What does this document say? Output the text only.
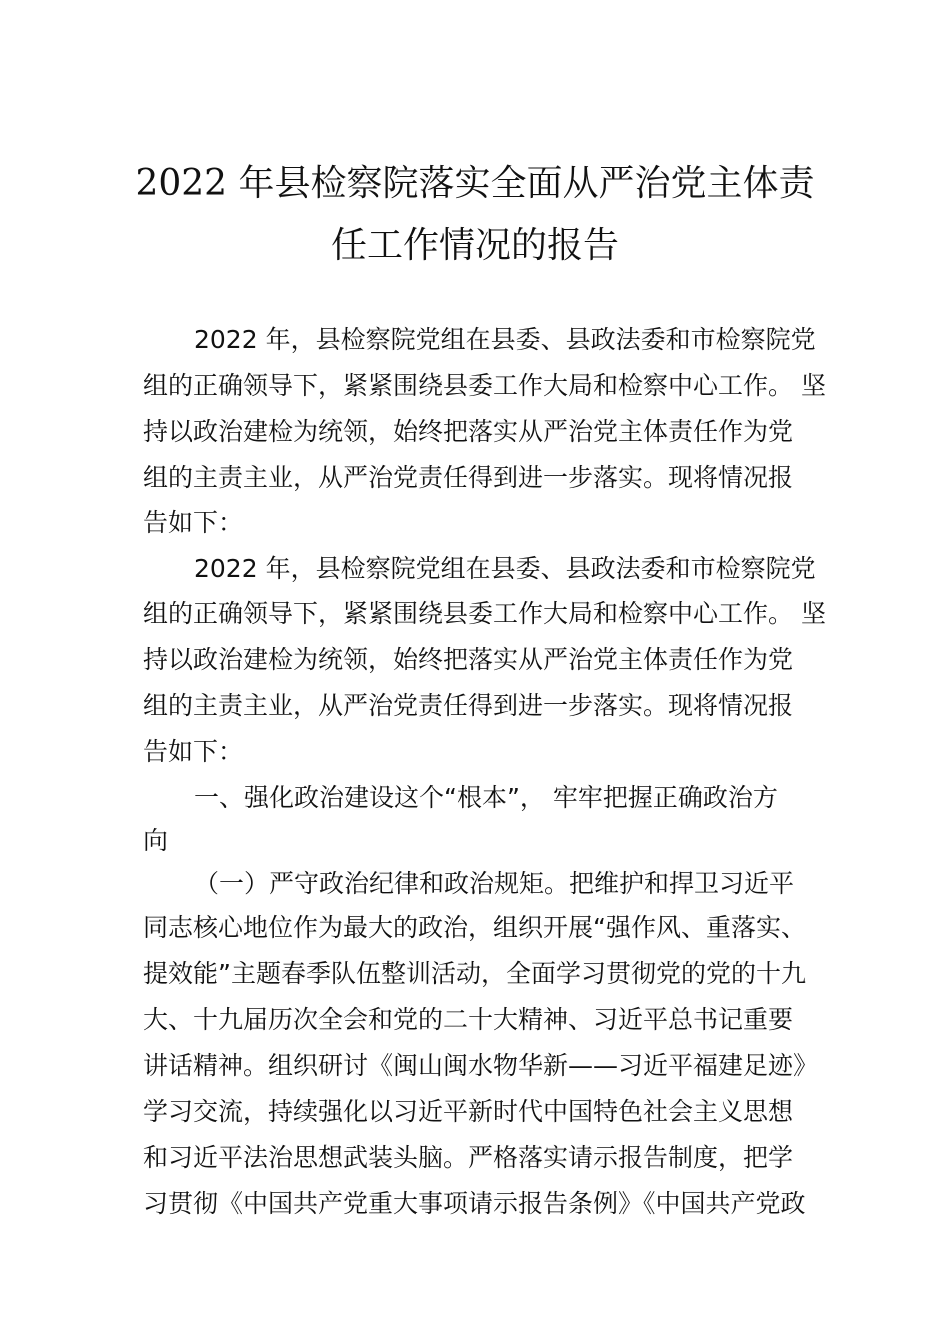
2022 年县检察院落实全面从严治党主体责
任工作情况的报告
2022 年，县检察院党组在县委、县政法委和市检察院党
组的正确领导下，紧紧围绕县委工作大局和检察中心工作。 坚
持以政治建检为统领，始终把落实从严治党主体责任作为党
组的主责主业，从严治党责任得到进一步落实。现将情况报
告如下：
2022 年，县检察院党组在县委、县政法委和市检察院党
组的正确领导下，紧紧围绕县委工作大局和检察中心工作。 坚
持以政治建检为统领，始终把落实从严治党主体责任作为党
组的主责主业，从严治党责任得到进一步落实。现将情况报
告如下：
一、强化政治建设这个“根本”， 牢牢把握正确政治方
向
（一）严守政治纪律和政治规矩。把维护和捍卫习近平
同志核心地位作为最大的政治，组织开展“强作风、重落实、
提效能”主题春季队伍整训活动，全面学习贯彻党的党的十九
大、十九届历次全会和党的二十大精神、习近平总书记重要
讲话精神。组织研讨《闽山闽水物华新——习近平福建足迹》
学习交流，持续强化以习近平新时代中国特色社会主义思想
和习近平法治思想武装头脑。严格落实请示报告制度，把学
习贯彻《中国共产党重大事项请示报告条例》《中国共产党政
